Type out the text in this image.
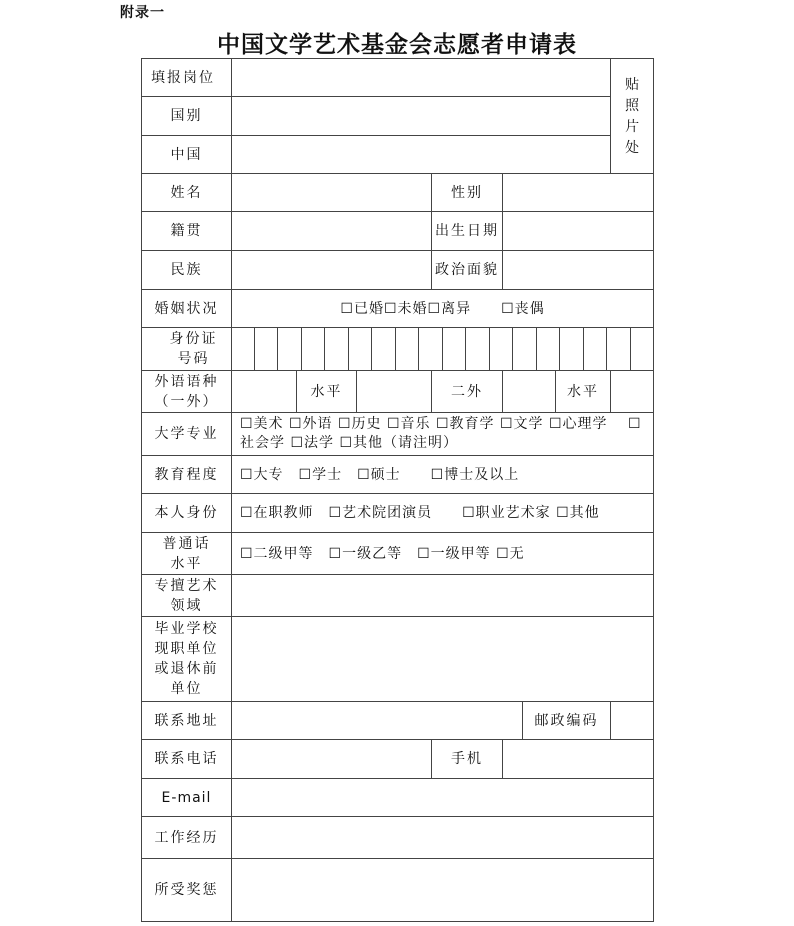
附录一
中国文学艺术基金会志愿者申请表
填报岗位								贴照片处
国别								
中国								
姓名				性别				
籍贯				出生日期				
民族				政治面貌				
婚姻状况	☐已婚☐未婚☐离异　　☐丧偶							
身份证号码								

外语语种（一外）		水平		二外			水平	
大学专业	☐美术 ☐外语 ☐历史 ☐音乐 ☐教育学 ☐文学 ☐心理学　 ☐社会学 ☐法学 ☐其他（请注明）							
教育程度	☐大专　☐学士　☐硕士　　☐博士及以上							
本人身份	☐在职教师　☐艺术院团演员　　☐职业艺术家 ☐其他							
普通话水平	☐二级甲等　☐一级乙等　☐一级甲等 ☐无							
专擅艺术领域								
毕业学校现职单位或退休前单位								
联系地址						邮政编码		
联系电话				手机				
E-mail								
工作经历								
所受奖惩								
